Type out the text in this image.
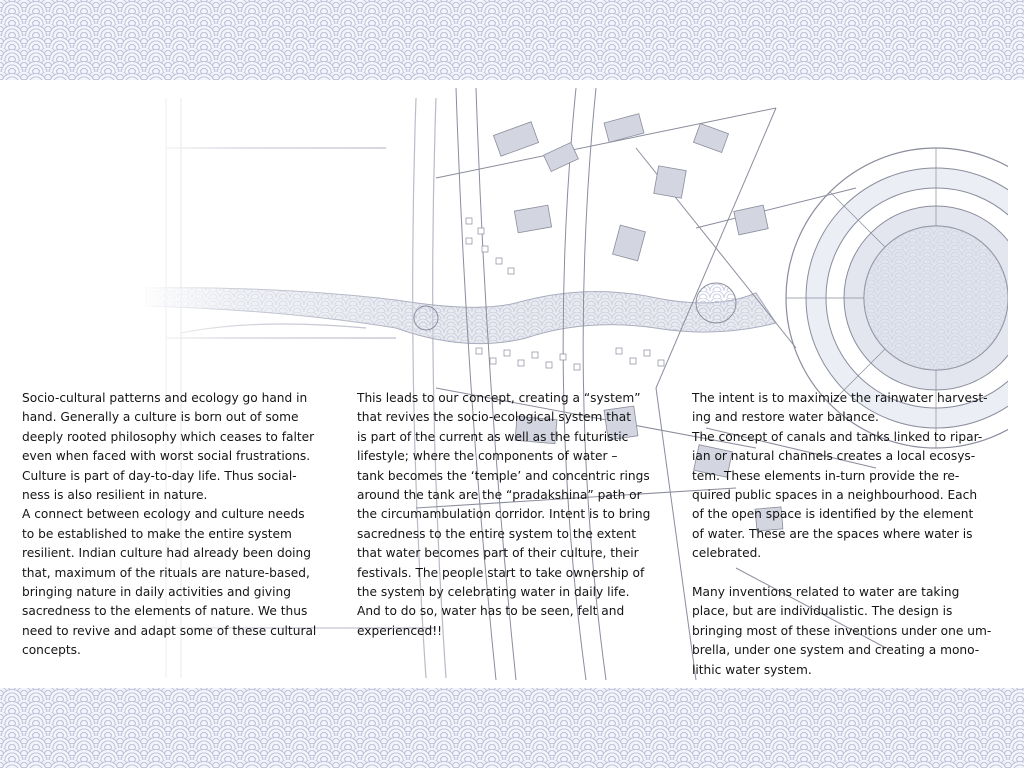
Socio-cultural patterns and ecology go hand in
hand. Generally a culture is born out of some
deeply rooted philosophy which ceases to falter
even when faced with worst social frustrations.
Culture is part of day-to-day life. Thus social-
ness is also resilient in nature.
A connect between ecology and culture needs
to be established to make the entire system
resilient. Indian culture had already been doing
that, maximum of the rituals are nature-based,
bringing nature in daily activities and giving
sacredness to the elements of nature. We thus
need to revive and adapt some of these cultural
concepts.
This leads to our concept, creating a “system”
that revives the socio-ecological system that
is part of the current as well as the futuristic
lifestyle; where the components of water –
tank becomes the ‘temple’ and concentric rings
around the tank are the “pradakshina” path or
the circumambulation corridor. Intent is to bring
sacredness to the entire system to the extent
that water becomes part of their culture, their
festivals. The people start to take ownership of
the system by celebrating water in daily life.
And to do so, water has to be seen, felt and
experienced!!
The intent is to maximize the rainwater harvest-
ing and restore water balance.
The concept of canals and tanks linked to ripar-
ian or natural channels creates a local ecosys-
tem. These elements in-turn provide the re-
quired public spaces in a neighbourhood. Each
of the open space is identified by the element
of water. These are the spaces where water is
celebrated.

Many inventions related to water are taking
place, but are individualistic. The design is
bringing most of these inventions under one um-
brella, under one system and creating a mono-
lithic water system.
